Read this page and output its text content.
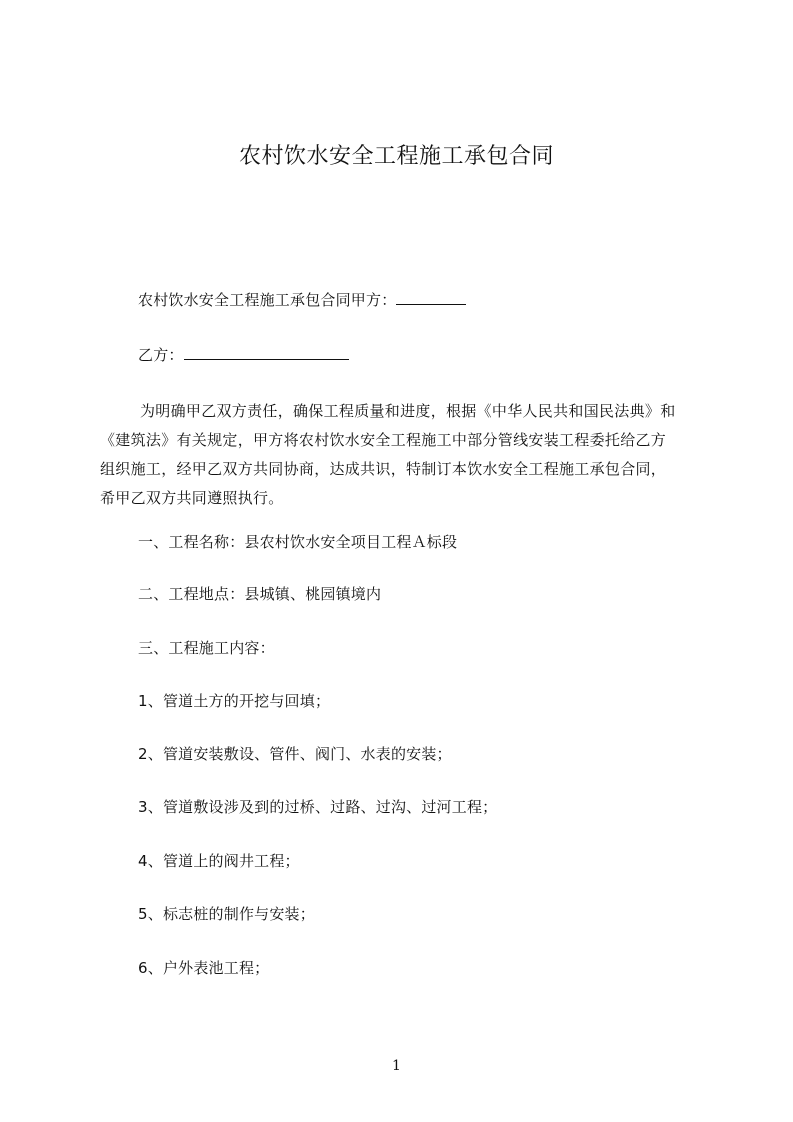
农村饮水安全工程施工承包合同
农村饮水安全工程施工承包合同甲方：
乙方：
为明确甲乙双方责任，确保工程质量和进度，根据《中华人民共和国民法典》和
《建筑法》有关规定，甲方将农村饮水安全工程施工中部分管线安装工程委托给乙方
组织施工，经甲乙双方共同协商，达成共识，特制订本饮水安全工程施工承包合同，
希甲乙双方共同遵照执行。
一、工程名称：县农村饮水安全项目工程Ａ标段
二、工程地点：县城镇、桃园镇境内
三、工程施工内容：
1、管道土方的开挖与回填；
2、管道安装敷设、管件、阀门、水表的安装；
3、管道敷设涉及到的过桥、过路、过沟、过河工程；
4、管道上的阀井工程；
5、标志桩的制作与安装；
6、户外表池工程；
1
